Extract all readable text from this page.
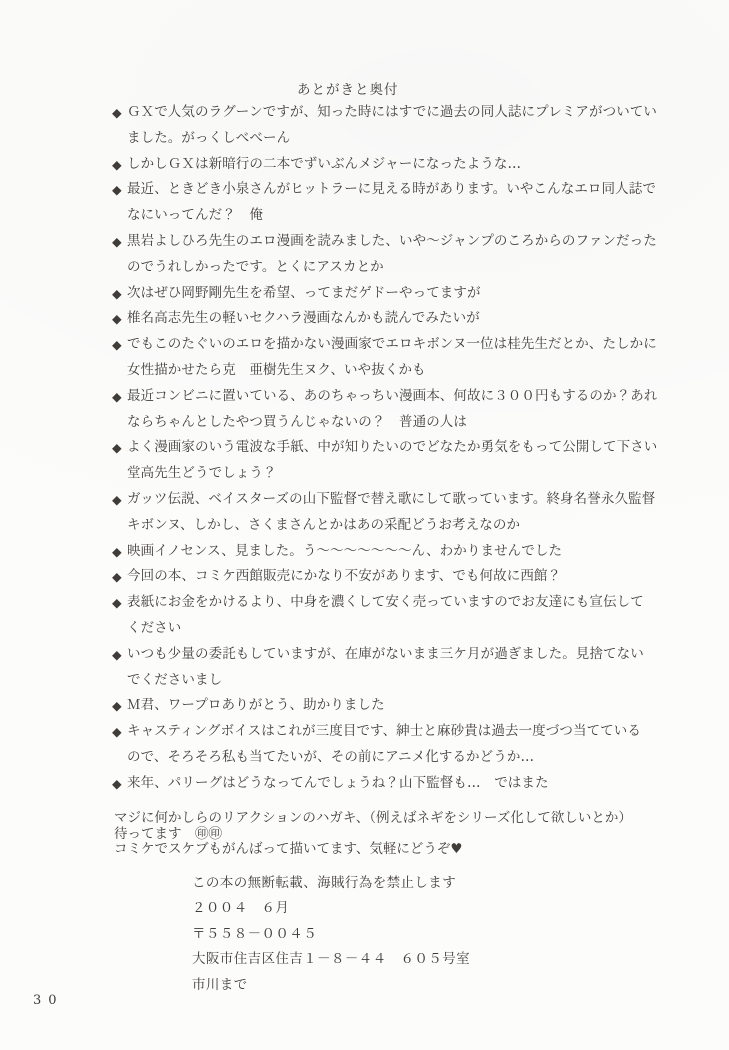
あとがきと奥付
◆ ＧＸで人気のラグーンですが、知った時にはすでに過去の同人誌にプレミアがついてい
ました。がっくしべべーん
◆ しかしＧＸは新暗行の二本でずいぶんメジャーになったような…
◆ 最近、ときどき小泉さんがヒットラーに見える時があります。いやこんなエロ同人誌で
なにいってんだ？　俺
◆ 黒岩よしひろ先生のエロ漫画を読みました、いや〜ジャンプのころからのファンだった
のでうれしかったです。とくにアスカとか
◆ 次はぜひ岡野剛先生を希望、ってまだゲドーやってますが
◆ 椎名高志先生の軽いセクハラ漫画なんかも読んでみたいが
◆ でもこのたぐいのエロを描かない漫画家でエロキボンヌ一位は桂先生だとか、たしかに
女性描かせたら克　亜樹先生ヌク、いや抜くかも
◆ 最近コンビニに置いている、あのちゃっちい漫画本、何故に３００円もするのか？あれ
ならちゃんとしたやつ買うんじゃないの？　普通の人は
◆ よく漫画家のいう電波な手紙、中が知りたいのでどなたか勇気をもって公開して下さい
堂高先生どうでしょう？
◆ ガッツ伝説、ベイスターズの山下監督で替え歌にして歌っています。終身名誉永久監督
キボンヌ、しかし、さくまさんとかはあの采配どうお考えなのか
◆ 映画イノセンス、見ました。う〜〜〜〜〜〜〜ん、わかりませんでした
◆ 今回の本、コミケ西館販売にかなり不安があります、でも何故に西館？
◆ 表紙にお金をかけるより、中身を濃くして安く売っていますのでお友達にも宣伝して
ください
◆ いつも少量の委託もしていますが、在庫がないまま三ケ月が過ぎました。見捨てない
でくださいまし
◆ Ｍ君、ワープロありがとう、助かりました
◆ キャスティングボイスはこれが三度目です、紳士と麻砂貴は過去一度づつ当てている
ので、そろそろ私も当てたいが、その前にアニメ化するかどうか…
◆ 来年、パリーグはどうなってんでしょうね？山下監督も…　ではまた
マジに何かしらのリアクションのハガキ、（例えばネギをシリーズ化して欲しいとか）
待ってます　㊞㊞
コミケでスケブもがんばって描いてます、気軽にどうぞ♥
この本の無断転載、海賊行為を禁止します
２００４　６月
〒５５８－００４５
大阪市住吉区住吉１－８－４４　６０５号室
市川まで
30
